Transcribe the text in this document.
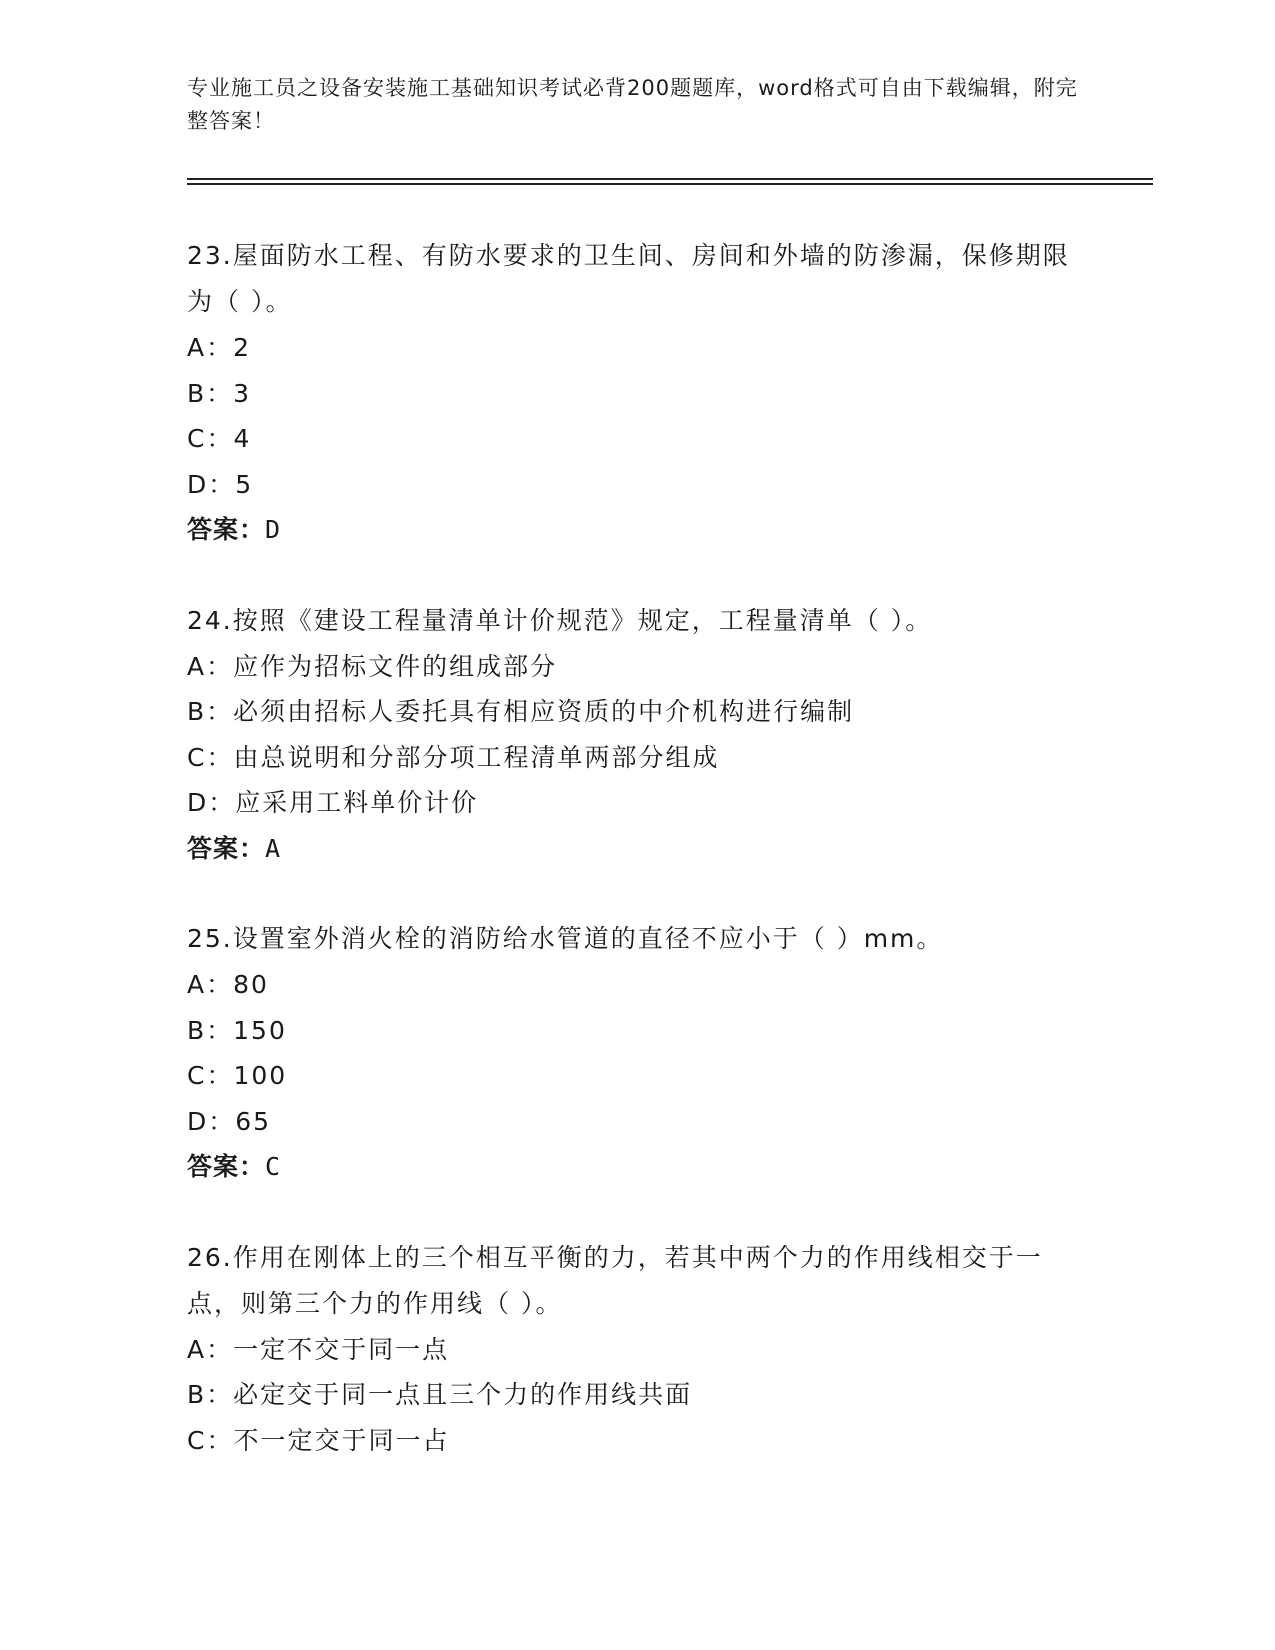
专业施工员之设备安装施工基础知识考试必背200题题库，word格式可自由下载编辑，附完整答案！
23.屋面防水工程、有防水要求的卫生间、房间和外墙的防渗漏，保修期限为（ ）。
A：2
B：3
C：4
D：5
答案：D
24.按照《建设工程量清单计价规范》规定，工程量清单（ ）。
A：应作为招标文件的组成部分
B：必须由招标人委托具有相应资质的中介机构进行编制
C：由总说明和分部分项工程清单两部分组成
D：应采用工料单价计价
答案：A
25.设置室外消火栓的消防给水管道的直径不应小于（ ）mm。
A：80
B：150
C：100
D：65
答案：C
26.作用在刚体上的三个相互平衡的力，若其中两个力的作用线相交于一点，则第三个力的作用线（ ）。
A：一定不交于同一点
B：必定交于同一点且三个力的作用线共面
C：不一定交于同一占
